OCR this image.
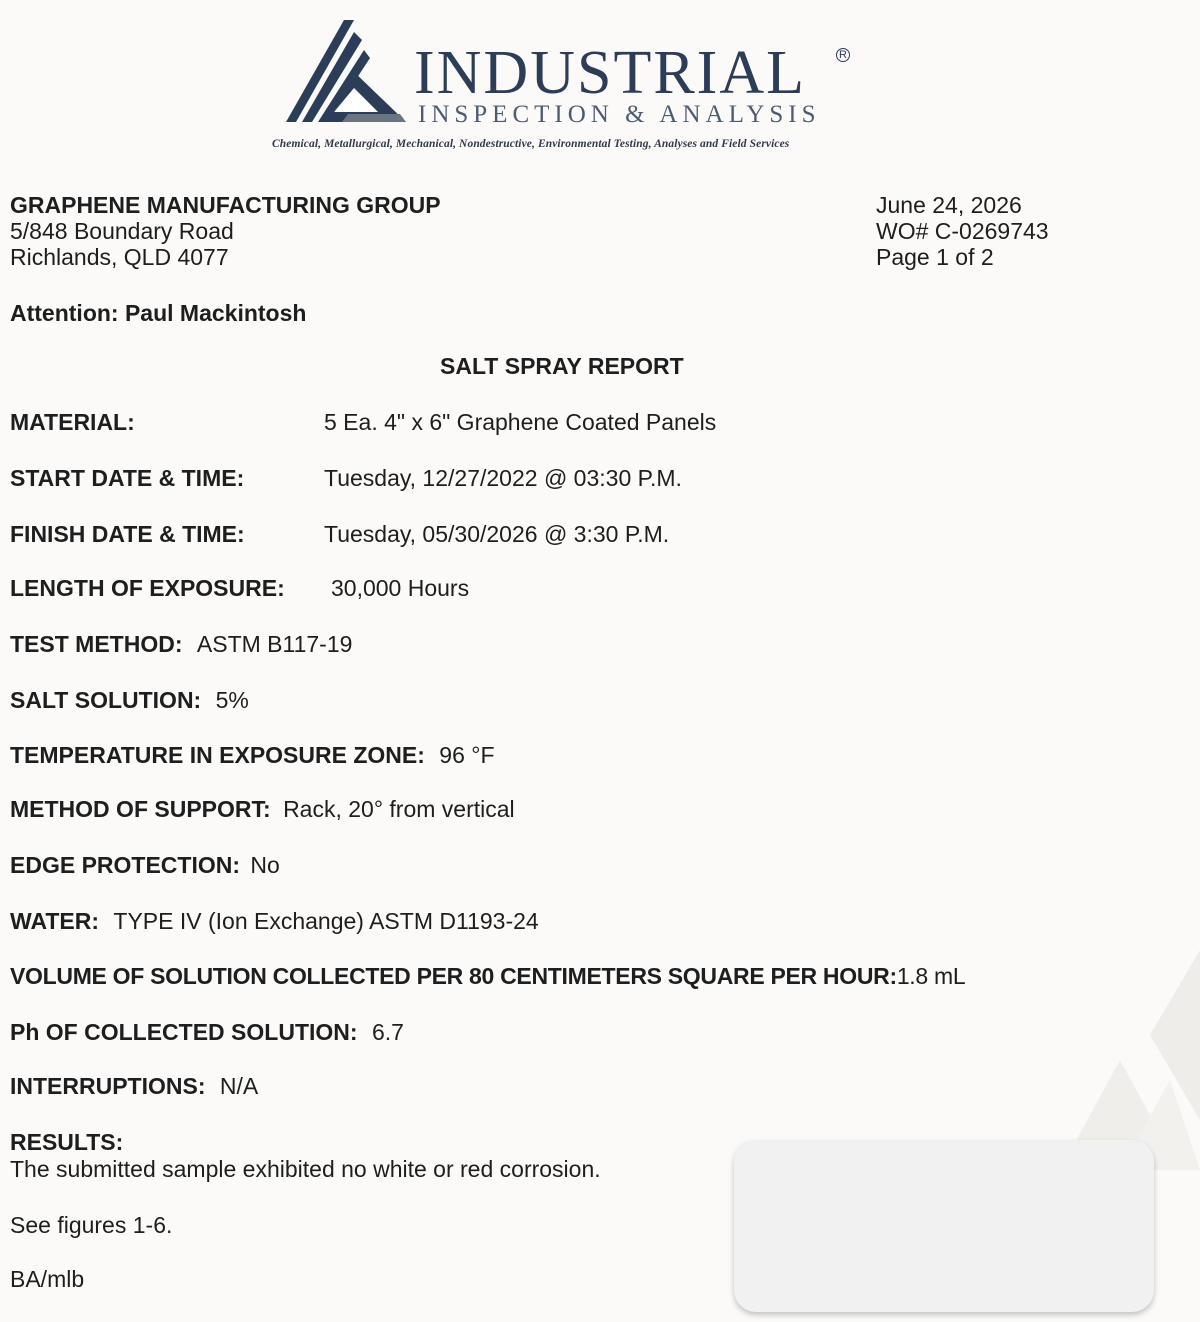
INDUSTRIAL	R
INSPECTION & ANALYSIS
Chemical, Metallurgical, Mechanical, Nondestructive, Environmental Testing, Analyses and Field Services
GRAPHENE MANUFACTURING GROUP
5/848 Boundary Road
Richlands, QLD 4077
June 24, 2026
WO# C-0269743
Page 1 of 2
Attention: Paul Mackintosh
SALT SPRAY REPORT
MATERIAL:	5 Ea. 4" x 6" Graphene Coated Panels
START DATE & TIME:	Tuesday, 12/27/2022 @ 03:30 P.M.
FINISH DATE & TIME:	Tuesday, 05/30/2026 @ 3:30 P.M.
LENGTH OF EXPOSURE: 30,000 Hours
TEST METHOD: ASTM B117-19
SALT SOLUTION: 5%
TEMPERATURE IN EXPOSURE ZONE: 96 °F
METHOD OF SUPPORT: Rack, 20° from vertical
EDGE PROTECTION: No
WATER: TYPE IV (Ion Exchange) ASTM D1193-24
VOLUME OF SOLUTION COLLECTED PER 80 CENTIMETERS SQUARE PER HOUR:1.8 mL
Ph OF COLLECTED SOLUTION: 6.7
INTERRUPTIONS: N/A
RESULTS:
The submitted sample exhibited no white or red corrosion.
See figures 1-6.
BA/mlb
